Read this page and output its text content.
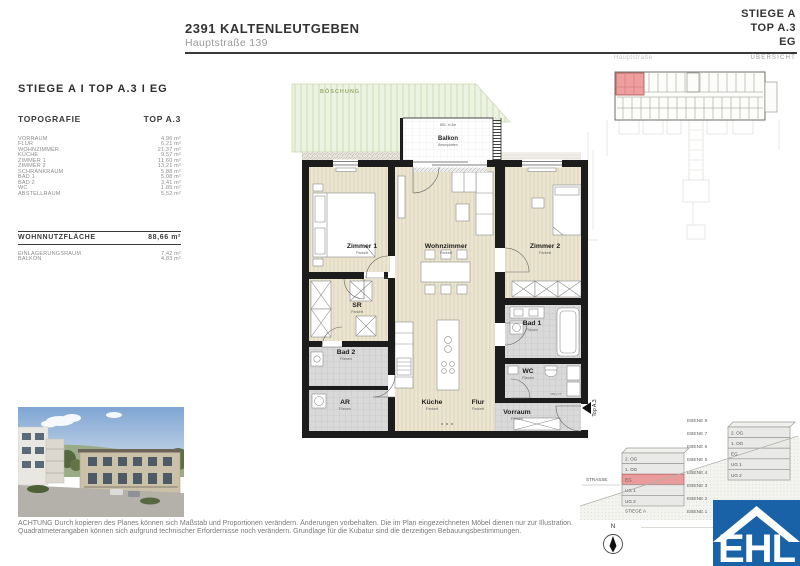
2391 KALTENLEUTGEBEN
Hauptstraße 139
STIEGE A
TOP A.3
EG
Hauptstraße	ÜBERSICHT
STIEGE A I TOP A.3 I EG
TOPOGRAFIE	TOP A.3
VORRAUM	4,96 m²
FLUR	6,21 m²
WOHNZIMMER	21,37 m²
KÜCHE	9,57 m²
ZIMMER 1	11,60 m²
ZIMMER 2	13,21 m²
SCHRANKRAUM	5,88 m²
BAD 1	5,08 m²
BAD 2	3,41 m²
WC	1,85 m²
ABSTELLRAUM	5,52 m²
WOHNNUTZFLÄCHE	88,66 m²
EINLAGERUNGSRAUM	7,42 m²
BALKON	4,83 m²
BÖSCHUNG
GEL. h=1m
Balkon
Betonplatten
Zimmer 1
Parkett
Wohnzimmer
Parkett
Zimmer 2
Parkett
SR
Parkett
Bad 2
Fliesen
AR
Fliesen
Küche
Parkett
Flur
Parkett
Bad 1
Fliesen
WC
Fliesen
Vorraum
Fliesen
FBH-VT
Top A.3
ACHTUNG Durch kopieren des Planes können sich Maßstab und Proportionen verändern. Änderungen vorbehalten. Die im Plan eingezeichneten Möbel dienen nur zur Illustration. Quadratmeterangaben können sich aufgrund technischer Erfordernisse noch verändern. Grundlage für die Kubatur sind die derzeitigen Bebauungsbestimmungen.
2. OG
1. OG
EG
UG 1
UG 2
2. OG
1. OG
EG
UG 1
UG 2
STIEGE A
EBENE 8
EBENE 7
EBENE 6
EBENE 5
EBENE 4
EBENE 3
EBENE 2
EBENE 1
STRASSE
N
EHL
